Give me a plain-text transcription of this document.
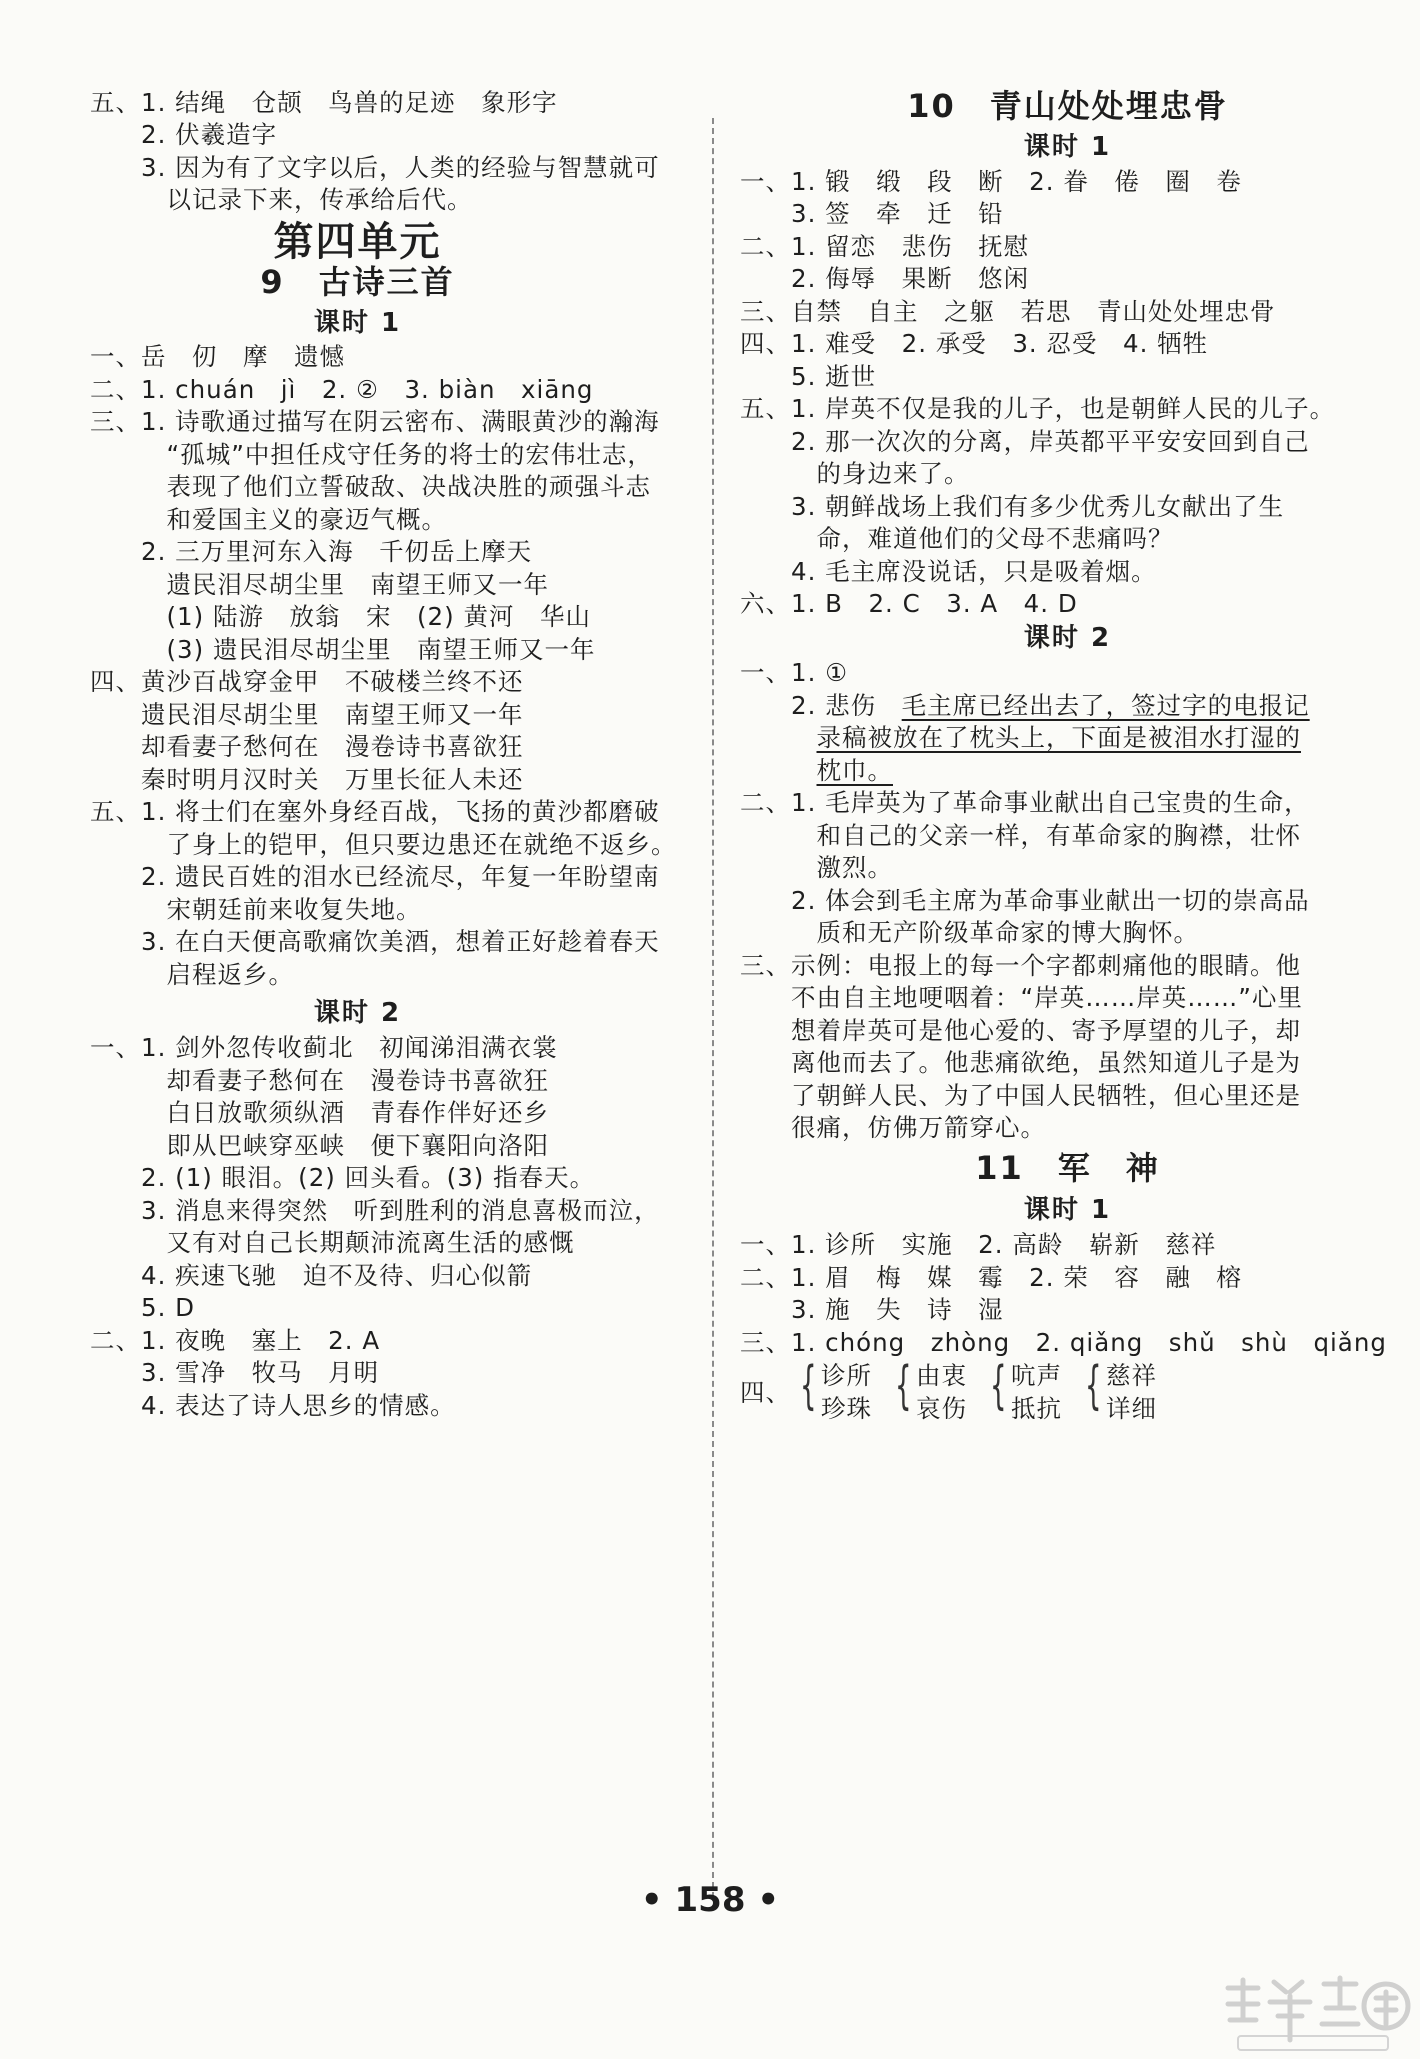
五、1. 结绳　仓颉　鸟兽的足迹　象形字

　　2. 伏羲造字

　　3. 因为有了文字以后，人类的经验与智慧就可

　　　以记录下来，传承给后代。

第四单元
9　古诗三首
课时 1

一、岳　仞　摩　遗憾

二、1. chuán　jì　2. ②　3. biàn　xiāng

三、1. 诗歌通过描写在阴云密布、满眼黄沙的瀚海

　　　“孤城”中担任戍守任务的将士的宏伟壮志，

　　　表现了他们立誓破敌、决战决胜的顽强斗志

　　　和爱国主义的豪迈气概。

　　2. 三万里河东入海　千仞岳上摩天

　　　遗民泪尽胡尘里　南望王师又一年

　　　(1) 陆游　放翁　宋　(2) 黄河　华山

　　　(3) 遗民泪尽胡尘里　南望王师又一年

四、黄沙百战穿金甲　不破楼兰终不还

　　遗民泪尽胡尘里　南望王师又一年

　　却看妻子愁何在　漫卷诗书喜欲狂

　　秦时明月汉时关　万里长征人未还

五、1. 将士们在塞外身经百战，飞扬的黄沙都磨破

　　　了身上的铠甲，但只要边患还在就绝不返乡。

　　2. 遗民百姓的泪水已经流尽，年复一年盼望南

　　　宋朝廷前来收复失地。

　　3. 在白天便高歌痛饮美酒，想着正好趁着春天

　　　启程返乡。

课时 2

一、1. 剑外忽传收蓟北　初闻涕泪满衣裳

　　　却看妻子愁何在　漫卷诗书喜欲狂

　　　白日放歌须纵酒　青春作伴好还乡

　　　即从巴峡穿巫峡　便下襄阳向洛阳

　　2. (1) 眼泪。(2) 回头看。(3) 指春天。

　　3. 消息来得突然　听到胜利的消息喜极而泣，

　　　又有对自己长期颠沛流离生活的感慨

　　4. 疾速飞驰　迫不及待、归心似箭

　　5. D

二、1. 夜晚　塞上　2. A

　　3. 雪净　牧马　月明

　　4. 表达了诗人思乡的情感。

10　青山处处埋忠骨
课时 1

一、1. 锻　缎　段　断　2. 眷　倦　圈　卷

　　3. 签　牵　迁　铅

二、1. 留恋　悲伤　抚慰

　　2. 侮辱　果断　悠闲

三、自禁　自主　之躯　若思　青山处处埋忠骨

四、1. 难受　2. 承受　3. 忍受　4. 牺牲

　　5. 逝世

五、1. 岸英不仅是我的儿子，也是朝鲜人民的儿子。

　　2. 那一次次的分离，岸英都平平安安回到自己

　　　的身边来了。

　　3. 朝鲜战场上我们有多少优秀儿女献出了生

　　　命，难道他们的父母不悲痛吗？

　　4. 毛主席没说话，只是吸着烟。

六、1. B　2. C　3. A　4. D

课时 2

一、1. ①

　　2. 悲伤　毛主席已经出去了，签过字的电报记

　　　录稿被放在了枕头上，下面是被泪水打湿的

　　　枕巾。

二、1. 毛岸英为了革命事业献出自己宝贵的生命，

　　　和自己的父亲一样，有革命家的胸襟，壮怀

　　　激烈。

　　2. 体会到毛主席为革命事业献出一切的崇高品

　　　质和无产阶级革命家的博大胸怀。

三、示例：电报上的每一个字都刺痛他的眼睛。他

　　不由自主地哽咽着：“岸英……岸英……”心里

　　想着岸英可是他心爱的、寄予厚望的儿子，却

　　离他而去了。他悲痛欲绝，虽然知道儿子是为

　　了朝鲜人民、为了中国人民牺牲，但心里还是

　　很痛，仿佛万箭穿心。

11　军　神
课时 1

一、1. 诊所　实施　2. 高龄　崭新　慈祥

二、1. 眉　梅　媒　霉　2. 荣　容　融　榕

　　3. 施　失　诗　湿

三、1. chóng　zhòng　2. qiǎng　shǔ　shù　qiǎng

四、 { 诊所

珍珠 { 由衷

哀伤 { 吭声

抵抗 { 慈祥

详细

• 158 •
